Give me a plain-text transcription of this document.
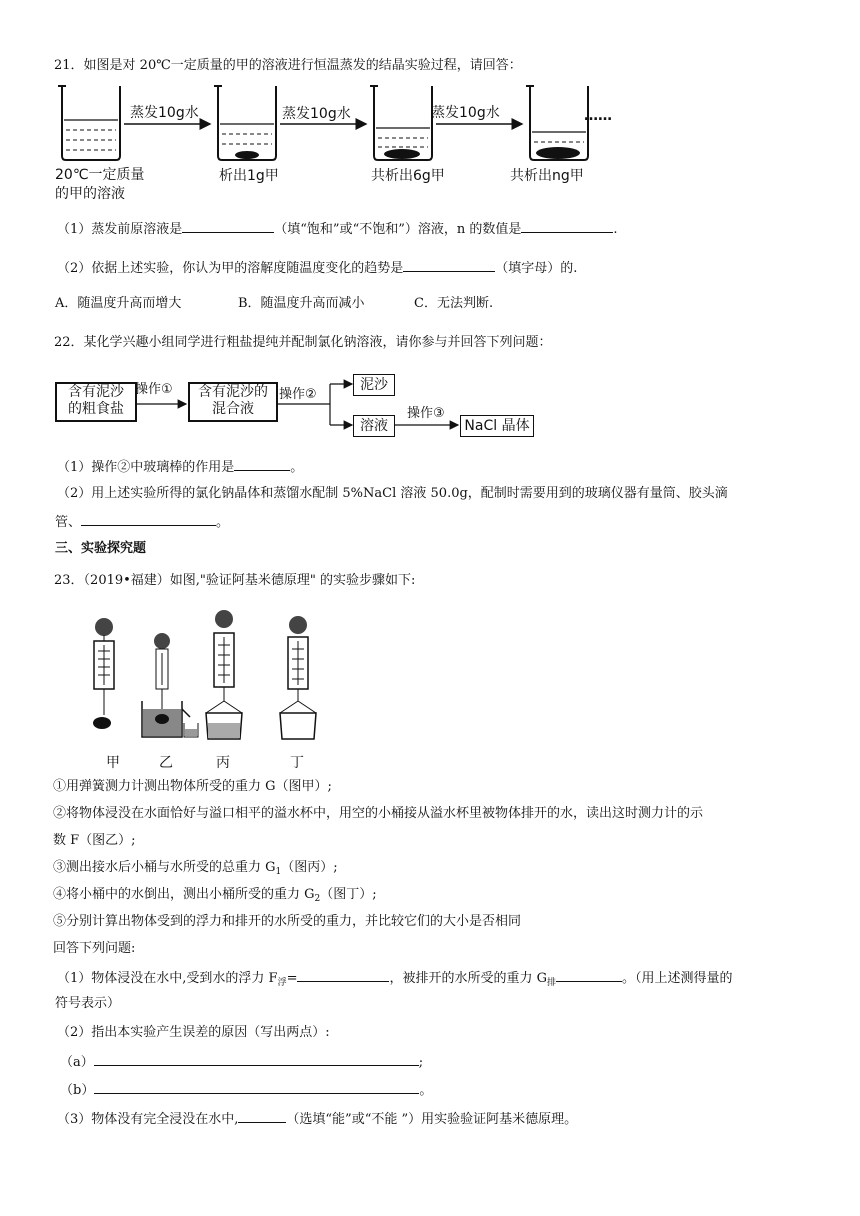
21．如图是对 20℃一定质量的甲的溶液进行恒温蒸发的结晶实验过程，请回答：
蒸发10g水	蒸发10g水	蒸发10g水	……
20℃一定质量
的甲的溶液
析出1g甲	共析出6g甲	共析出ng甲
（1）蒸发前原溶液是	（填“饱和”或“不饱和”）溶液，n 的数值是	.
（2）依据上述实验，你认为甲的溶解度随温度变化的趋势是	（填字母）的.
A．随温度升高而增大	B．随温度升高而减小	C．无法判断.
22．某化学兴趣小组同学进行粗盐提纯并配制氯化钠溶液，请你参与并回答下列问题：
含有泥沙
的粗食盐
操作①	含有泥沙的
混合液
操作②
泥沙
溶液
操作③
NaCl 晶体
（1）操作②中玻璃棒的作用是	。
（2）用上述实验所得的氯化钠晶体和蒸馏水配制 5%NaCl 溶液 50.0g，配制时需要用到的玻璃仪器有量筒、胶头滴
管、	。
三、实验探究题
23．（2019•福建）如图,"验证阿基米德原理" 的实验步骤如下:
甲	乙	丙	丁
①用弹簧测力计测出物体所受的重力 G（图甲）;
②将物体浸没在水面恰好与溢口相平的溢水杯中，用空的小桶接从溢水杯里被物体排开的水，读出这时测力计的示
数 F（图乙）;
③测出接水后小桶与水所受的总重力 $G_1$（图丙）;
④将小桶中的水倒出，测出小桶所受的重力 $G_2$（图丁）;
⑤分别计算出物体受到的浮力和排开的水所受的重力，并比较它们的大小是否相同
回答下列问题:
（1）物体浸没在水中,受到水的浮力 $F_浮=$	，被排开的水所受的重力 $G_排$	。（用上述测得量的
符号表示）
（2）指出本实验产生误差的原因（写出两点）:
（a）	;
（b）	。
（3）物体没有完全浸没在水中,	（选填“能”或“不能 ”）用实验验证阿基米德原理。
